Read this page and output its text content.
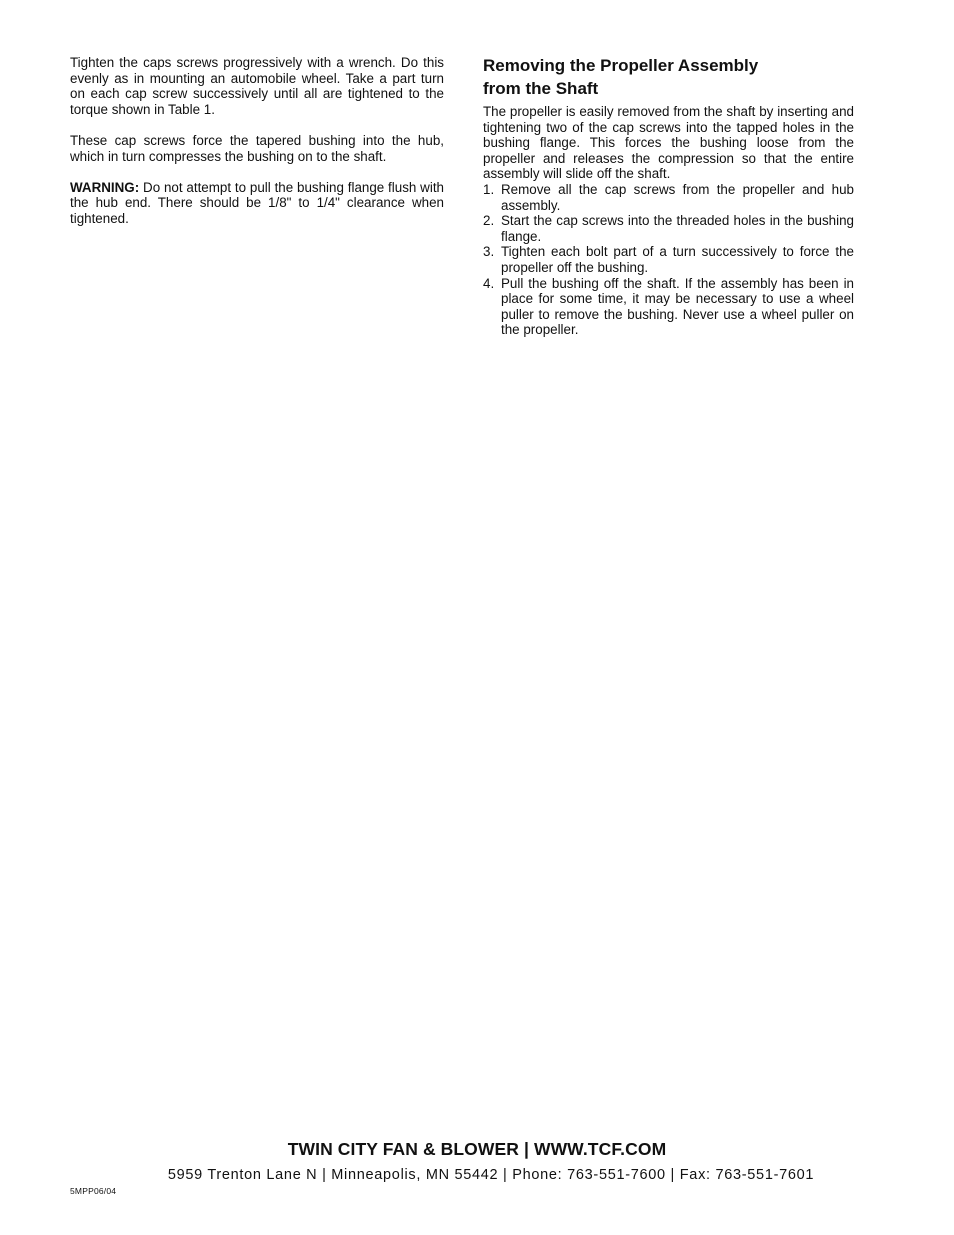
Tighten the caps screws progressively with a wrench. Do this evenly as in mounting an automobile wheel. Take a part turn on each cap screw successively until all are tightened to the torque shown in Table 1.

These cap screws force the tapered bushing into the hub, which in turn compresses the bushing on to the shaft.

WARNING: Do not attempt to pull the bushing flange flush with the hub end. There should be 1/8" to 1/4" clearance when tightened.

Removing the Propeller Assembly
from the Shaft

The propeller is easily removed from the shaft by inserting and tightening two of the cap screws into the tapped holes in the bushing flange. This forces the bushing loose from the propeller and releases the compression so that the entire assembly will slide off the shaft.

1. Remove all the cap screws from the propeller and hub assembly.
2. Start the cap screws into the threaded holes in the bushing flange.
3. Tighten each bolt part of a turn successively to force the propeller off the bushing.
4. Pull the bushing off the shaft. If the assembly has been in place for some time, it may be necessary to use a wheel puller to remove the bushing. Never use a wheel puller on the propeller.
TWIN CITY FAN & BLOWER | WWW.TCF.COM
5959 Trenton Lane N | Minneapolis, MN 55442 | Phone: 763-551-7600 | Fax: 763-551-7601
5MPP06/04
